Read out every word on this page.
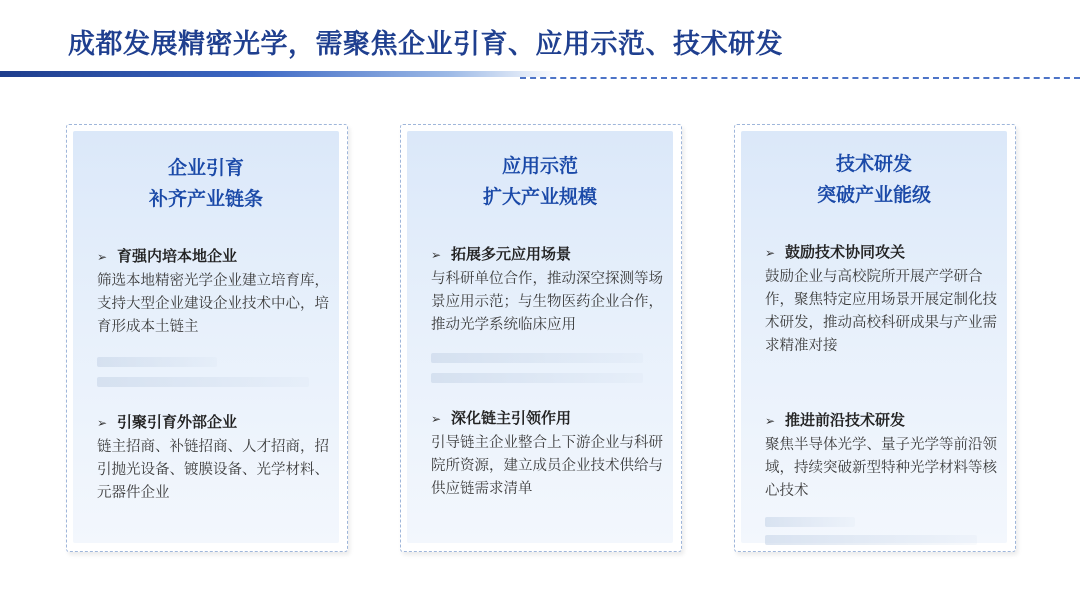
成都发展精密光学，需聚焦企业引育、应用示范、技术研发
企业引育
补齐产业链条
➢ 育强内培本地企业
筛选本地精密光学企业建立培育库，支持大型企业建设企业技术中心，培育形成本土链主
➢ 引聚引育外部企业
链主招商、补链招商、人才招商，招引抛光设备、镀膜设备、光学材料、元器件企业
应用示范
扩大产业规模
➢ 拓展多元应用场景
与科研单位合作，推动深空探测等场景应用示范；与生物医药企业合作，推动光学系统临床应用
➢ 深化链主引领作用
引导链主企业整合上下游企业与科研院所资源，建立成员企业技术供给与供应链需求清单
技术研发
突破产业能级
➢ 鼓励技术协同攻关
鼓励企业与高校院所开展产学研合作，聚焦特定应用场景开展定制化技术研发，推动高校科研成果与产业需求精准对接
➢ 推进前沿技术研发
聚焦半导体光学、量子光学等前沿领域，持续突破新型特种光学材料等核心技术
